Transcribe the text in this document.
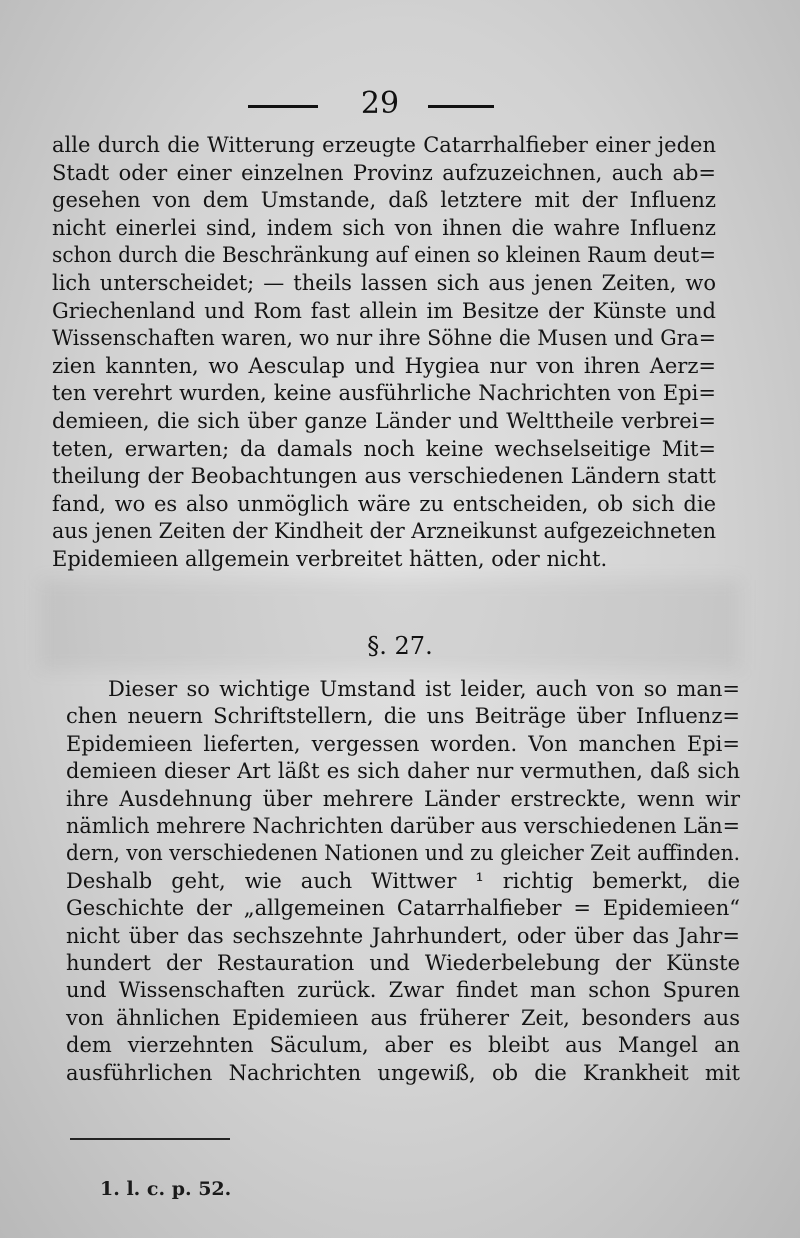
29
alle durch die Witterung erzeugte Catarrhalfieber einer jeden
Stadt oder einer einzelnen Provinz aufzuzeichnen, auch ab=
gesehen von dem Umstande, daß letztere mit der Influenz
nicht einerlei sind, indem sich von ihnen die wahre Influenz
schon durch die Beschränkung auf einen so kleinen Raum deut=
lich unterscheidet; — theils lassen sich aus jenen Zeiten, wo
Griechenland und Rom fast allein im Besitze der Künste und
Wissenschaften waren, wo nur ihre Söhne die Musen und Gra=
zien kannten, wo Aesculap und Hygiea nur von ihren Aerz=
ten verehrt wurden, keine ausführliche Nachrichten von Epi=
demieen, die sich über ganze Länder und Welttheile verbrei=
teten, erwarten; da damals noch keine wechselseitige Mit=
theilung der Beobachtungen aus verschiedenen Ländern statt
fand, wo es also unmöglich wäre zu entscheiden, ob sich die
aus jenen Zeiten der Kindheit der Arzneikunst aufgezeichneten
Epidemieen allgemein verbreitet hätten, oder nicht.
§. 27.
Dieser so wichtige Umstand ist leider, auch von so man=
chen neuern Schriftstellern, die uns Beiträge über Influenz=
Epidemieen lieferten, vergessen worden. Von manchen Epi=
demieen dieser Art läßt es sich daher nur vermuthen, daß sich
ihre Ausdehnung über mehrere Länder erstreckte, wenn wir
nämlich mehrere Nachrichten darüber aus verschiedenen Län=
dern, von verschiedenen Nationen und zu gleicher Zeit auffinden.
Deshalb geht, wie auch Wittwer ¹ richtig bemerkt, die
Geschichte der „allgemeinen Catarrhalfieber = Epidemieen“
nicht über das sechszehnte Jahrhundert, oder über das Jahr=
hundert der Restauration und Wiederbelebung der Künste
und Wissenschaften zurück. Zwar findet man schon Spuren
von ähnlichen Epidemieen aus früherer Zeit, besonders aus
dem vierzehnten Säculum, aber es bleibt aus Mangel an
ausführlichen Nachrichten ungewiß, ob die Krankheit mit
1. l. c. p. 52.
